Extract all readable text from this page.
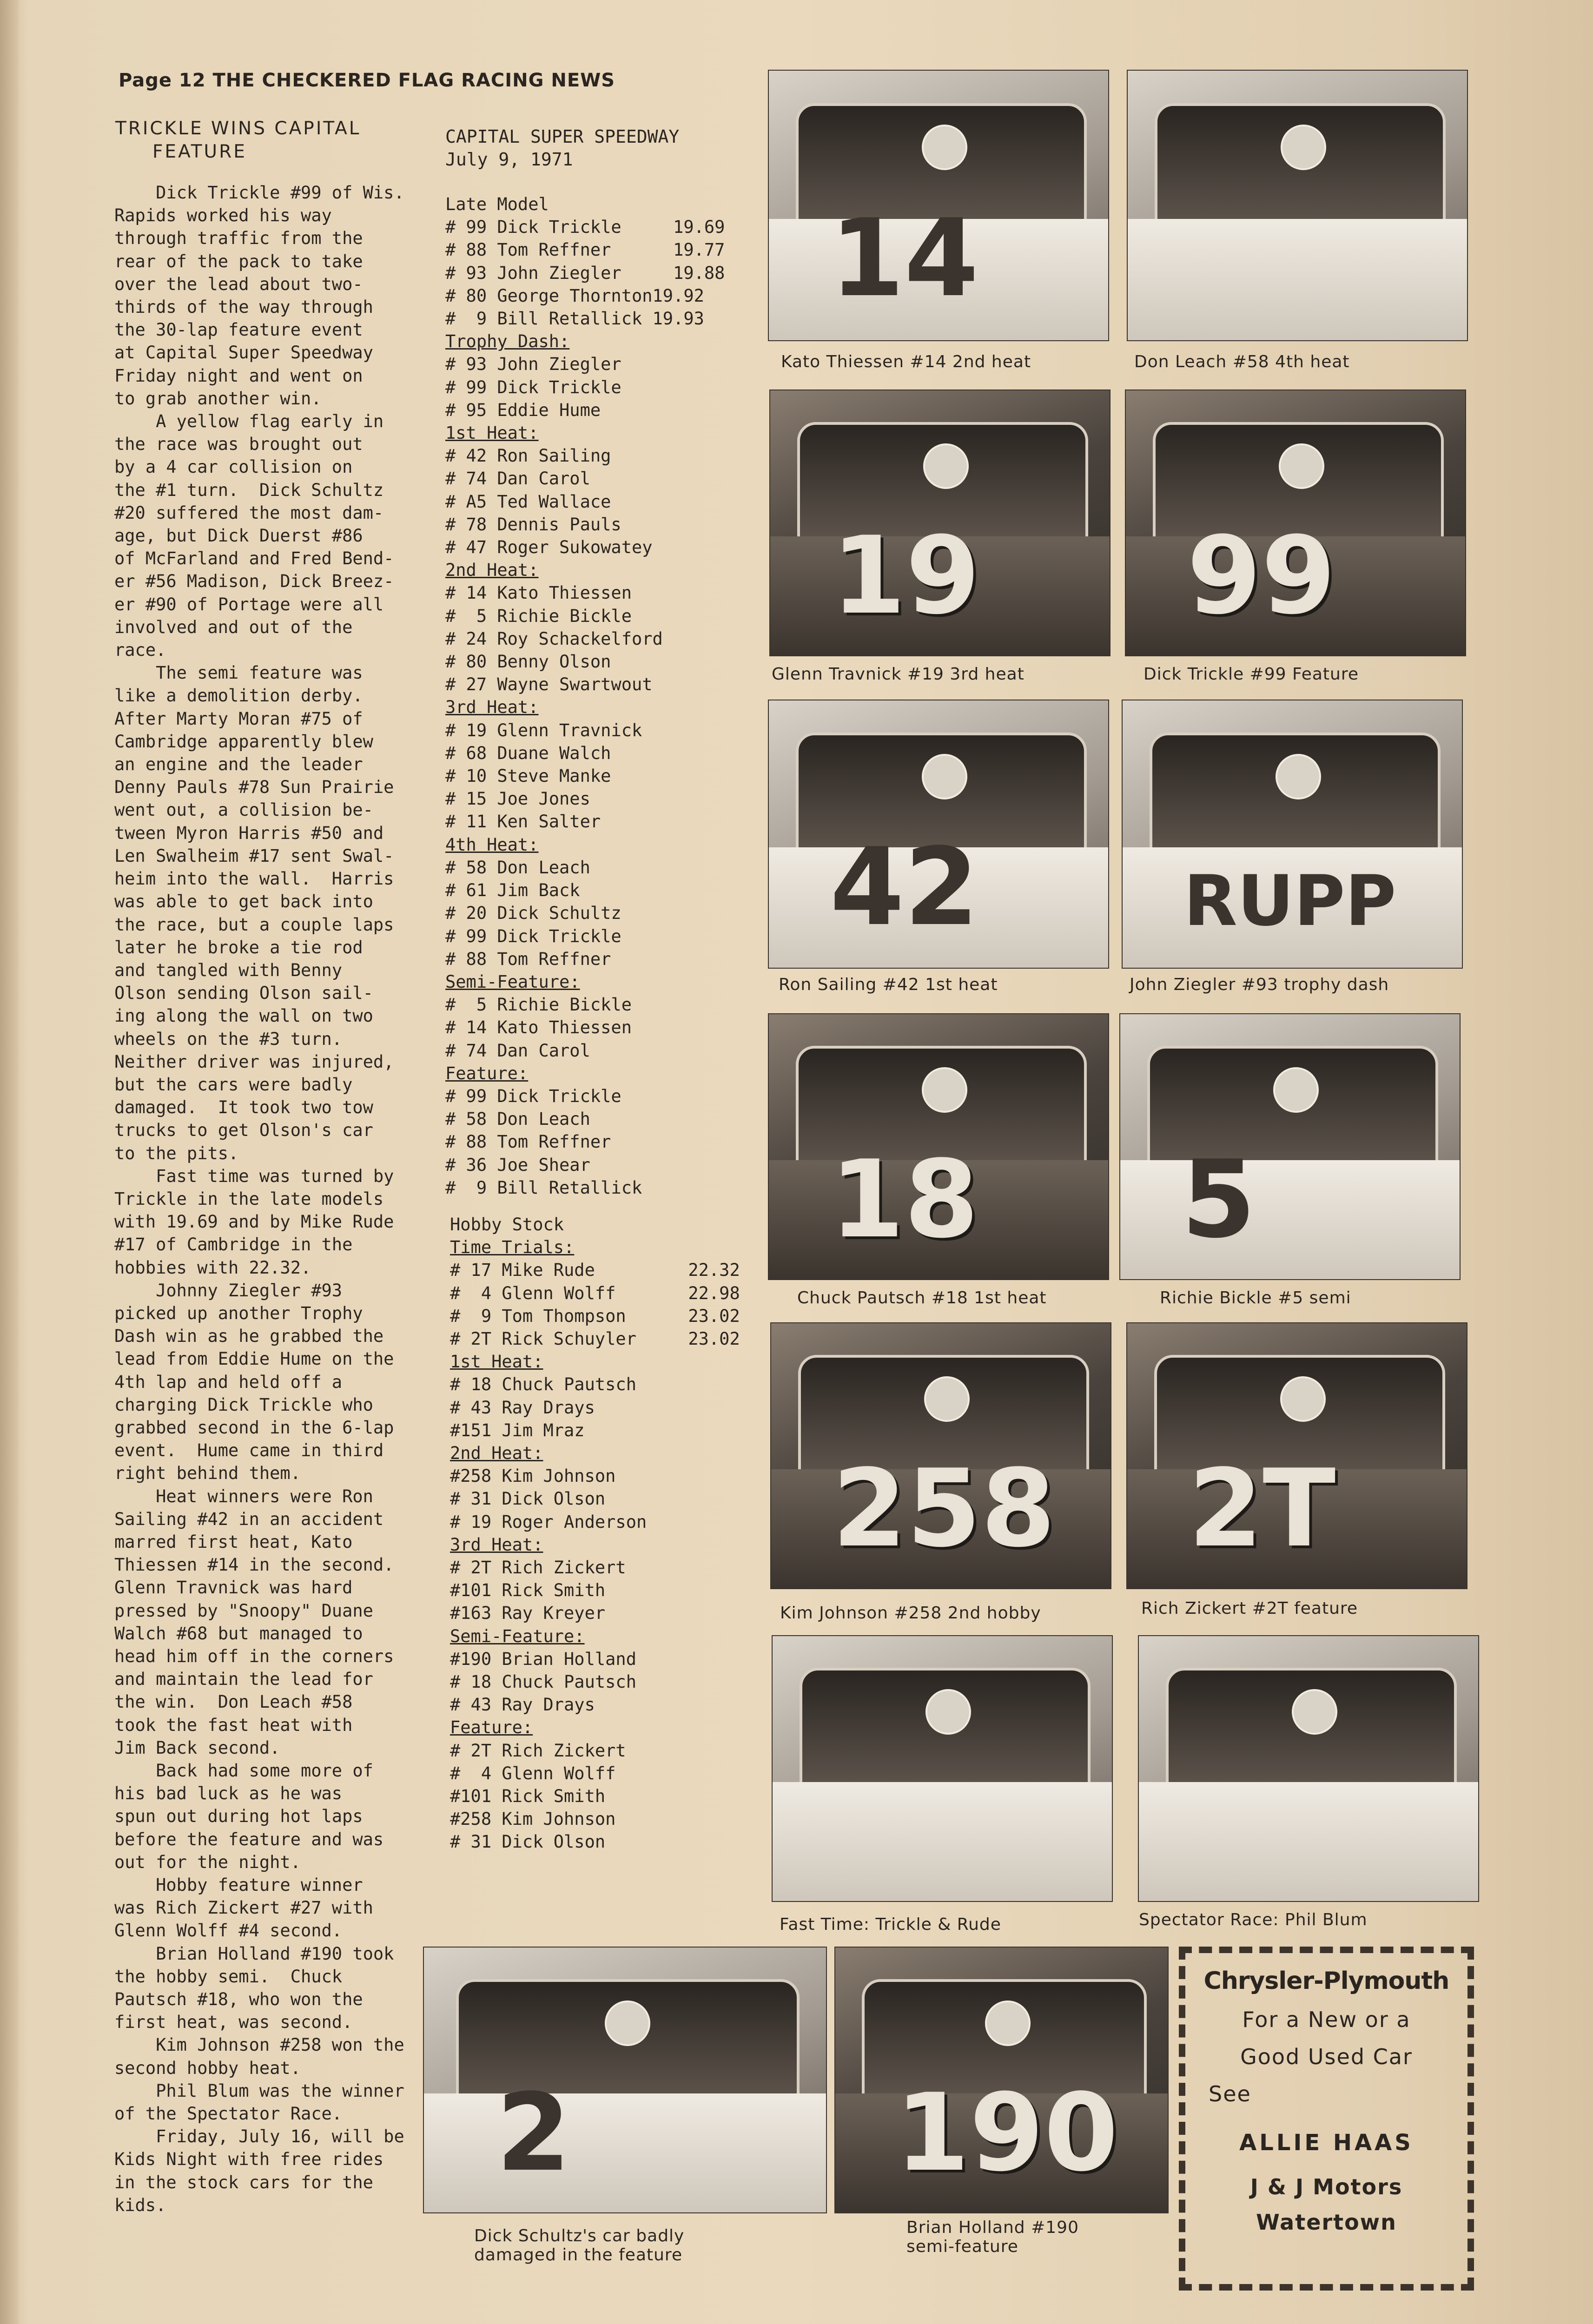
Page 12 THE CHECKERED FLAG RACING NEWS
TRICKLE WINS CAPITAL
FEATURE
Dick Trickle #99 of Wis.
Rapids worked his way
through traffic from the
rear of the pack to take
over the lead about two-
thirds of the way through
the 30-lap feature event
at Capital Super Speedway
Friday night and went on
to grab another win.
A yellow flag early in
the race was brought out
by a 4 car collision on
the #1 turn.  Dick Schultz
#20 suffered the most dam-
age, but Dick Duerst #86
of McFarland and Fred Bend-
er #56 Madison, Dick Breez-
er #90 of Portage were all
involved and out of the
race.
The semi feature was
like a demolition derby.
After Marty Moran #75 of
Cambridge apparently blew
an engine and the leader
Denny Pauls #78 Sun Prairie
went out, a collision be-
tween Myron Harris #50 and
Len Swalheim #17 sent Swal-
heim into the wall.  Harris
was able to get back into
the race, but a couple laps
later he broke a tie rod
and tangled with Benny
Olson sending Olson sail-
ing along the wall on two
wheels on the #3 turn.
Neither driver was injured,
but the cars were badly
damaged.  It took two tow
trucks to get Olson's car
to the pits.
Fast time was turned by
Trickle in the late models
with 19.69 and by Mike Rude
#17 of Cambridge in the
hobbies with 22.32.
Johnny Ziegler #93
picked up another Trophy
Dash win as he grabbed the
lead from Eddie Hume on the
4th lap and held off a
charging Dick Trickle who
grabbed second in the 6-lap
event.  Hume came in third
right behind them.
Heat winners were Ron
Sailing #42 in an accident
marred first heat, Kato
Thiessen #14 in the second.
Glenn Travnick was hard
pressed by "Snoopy" Duane
Walch #68 but managed to
head him off in the corners
and maintain the lead for
the win.  Don Leach #58
took the fast heat with
Jim Back second.
Back had some more of
his bad luck as he was
spun out during hot laps
before the feature and was
out for the night.
Hobby feature winner
was Rich Zickert #27 with
Glenn Wolff #4 second.
Brian Holland #190 took
the hobby semi.  Chuck
Pautsch #18, who won the
first heat, was second.
Kim Johnson #258 won the
second hobby heat.
Phil Blum was the winner
of the Spectator Race.
Friday, July 16, will be
Kids Night with free rides
in the stock cars for the
kids.
CAPITAL SUPER SPEEDWAY
July 9, 1971
Late Model
# 99 Dick Trickle     19.69
# 88 Tom Reffner      19.77
# 93 John Ziegler     19.88
# 80 George Thornton19.92
#  9 Bill Retallick 19.93
Trophy Dash:
# 93 John Ziegler
# 99 Dick Trickle
# 95 Eddie Hume
1st Heat:
# 42 Ron Sailing
# 74 Dan Carol
# A5 Ted Wallace
# 78 Dennis Pauls
# 47 Roger Sukowatey
2nd Heat:
# 14 Kato Thiessen
#  5 Richie Bickle
# 24 Roy Schackelford
# 80 Benny Olson
# 27 Wayne Swartwout
3rd Heat:
# 19 Glenn Travnick
# 68 Duane Walch
# 10 Steve Manke
# 15 Joe Jones
# 11 Ken Salter
4th Heat:
# 58 Don Leach
# 61 Jim Back
# 20 Dick Schultz
# 99 Dick Trickle
# 88 Tom Reffner
Semi-Feature:
#  5 Richie Bickle
# 14 Kato Thiessen
# 74 Dan Carol
Feature:
# 99 Dick Trickle
# 58 Don Leach
# 88 Tom Reffner
# 36 Joe Shear
#  9 Bill Retallick
Hobby Stock
Time Trials:
# 17 Mike Rude         22.32
#  4 Glenn Wolff       22.98
#  9 Tom Thompson      23.02
# 2T Rick Schuyler     23.02
1st Heat:
# 18 Chuck Pautsch
# 43 Ray Drays
#151 Jim Mraz
2nd Heat:
#258 Kim Johnson
# 31 Dick Olson
# 19 Roger Anderson
3rd Heat:
# 2T Rich Zickert
#101 Rick Smith
#163 Ray Kreyer
Semi-Feature:
#190 Brian Holland
# 18 Chuck Pautsch
# 43 Ray Drays
Feature:
# 2T Rich Zickert
#  4 Glenn Wolff
#101 Rick Smith
#258 Kim Johnson
# 31 Dick Olson
14
Kato Thiessen #14 2nd heat	Don Leach #58 4th heat
19
Glenn Travnick #19 3rd heat
99
Dick Trickle #99 Feature
42
Ron Sailing #42 1st heat
RUPP
John Ziegler #93 trophy dash
18
Chuck Pautsch #18 1st heat
5
Richie Bickle #5 semi
258
Kim Johnson #258 2nd hobby
2T
Rich Zickert #2T feature
Fast Time: Trickle & Rude	Spectator Race: Phil Blum
2
Dick Schultz's car badly
damaged in the feature
190
Brian Holland #190
semi-feature
Chrysler-Plymouth
For a New or a
Good Used Car
See
ALLIE HAAS
J & J Motors
Watertown
